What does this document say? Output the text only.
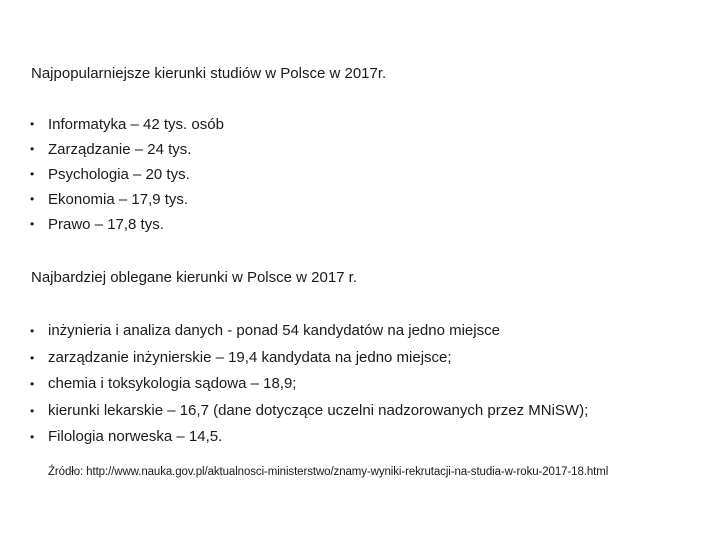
Najpopularniejsze kierunki studiów w Polsce w 2017r.
• Informatyka – 42 tys. osób
• Zarządzanie – 24 tys.
• Psychologia – 20 tys.
• Ekonomia – 17,9 tys.
• Prawo – 17,8 tys.
Najbardziej oblegane kierunki w Polsce w 2017 r.
• inżynieria i analiza danych - ponad 54 kandydatów na jedno miejsce
• zarządzanie inżynierskie – 19,4 kandydata na jedno miejsce;
• chemia i toksykologia sądowa – 18,9;
• kierunki lekarskie – 16,7 (dane dotyczące uczelni nadzorowanych przez MNiSW);
• Filologia norweska – 14,5.
Źródło: http://www.nauka.gov.pl/aktualnosci-ministerstwo/znamy-wyniki-rekrutacji-na-studia-w-roku-2017-18.html
